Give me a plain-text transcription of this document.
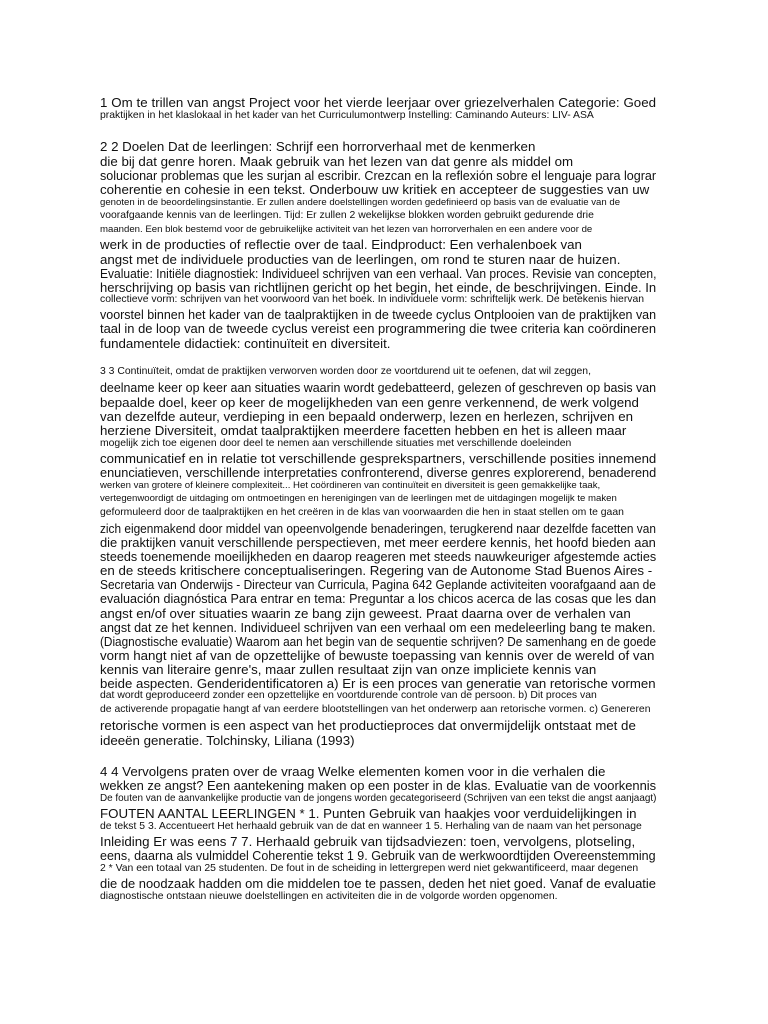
1 Om te trillen van angst Project voor het vierde leerjaar over griezelverhalen Categorie: Goed
praktijken in het klaslokaal in het kader van het Curriculumontwerp Instelling: Caminando Auteurs: LIV- ASA
2 2 Doelen Dat de leerlingen: Schrijf een horrorverhaal met de kenmerken
die bij dat genre horen. Maak gebruik van het lezen van dat genre als middel om
solucionar problemas que les surjan al escribir. Crezcan en la reflexión sobre el lenguaje para lograr
coherentie en cohesie in een tekst. Onderbouw uw kritiek en accepteer de suggesties van uw
genoten in de beoordelingsinstantie. Er zullen andere doelstellingen worden gedefinieerd op basis van de evaluatie van de
voorafgaande kennis van de leerlingen. Tijd: Er zullen 2 wekelijkse blokken worden gebruikt gedurende drie
maanden. Een blok bestemd voor de gebruikelijke activiteit van het lezen van horrorverhalen en een andere voor de
werk in de producties of reflectie over de taal. Eindproduct: Een verhalenboek van
angst met de individuele producties van de leerlingen, om rond te sturen naar de huizen.
Evaluatie: Initiële diagnostiek: Individueel schrijven van een verhaal. Van proces. Revisie van concepten,
herschrijving op basis van richtlijnen gericht op het begin, het einde, de beschrijvingen. Einde. In
collectieve vorm: schrijven van het voorwoord van het boek. In individuele vorm: schriftelijk werk. De betekenis hiervan
voorstel binnen het kader van de taalpraktijken in de tweede cyclus Ontplooien van de praktijken van
taal in de loop van de tweede cyclus vereist een programmering die twee criteria kan coördineren
fundamentele didactiek: continuïteit en diversiteit.
3 3 Continuïteit, omdat de praktijken verworven worden door ze voortdurend uit te oefenen, dat wil zeggen,
deelname keer op keer aan situaties waarin wordt gedebatteerd, gelezen of geschreven op basis van
bepaalde doel, keer op keer de mogelijkheden van een genre verkennend, de werk volgend
van dezelfde auteur, verdieping in een bepaald onderwerp, lezen en herlezen, schrijven en
herziene Diversiteit, omdat taalpraktijken meerdere facetten hebben en het is alleen maar
mogelijk zich toe eigenen door deel te nemen aan verschillende situaties met verschillende doeleinden
communicatief en in relatie tot verschillende gesprekspartners, verschillende posities innemend
enunciatieven, verschillende interpretaties confronterend, diverse genres explorerend, benaderend
werken van grotere of kleinere complexiteit... Het coördineren van continuïteit en diversiteit is geen gemakkelijke taak,
vertegenwoordigt de uitdaging om ontmoetingen en herenigingen van de leerlingen met de uitdagingen mogelijk te maken
geformuleerd door de taalpraktijken en het creëren in de klas van voorwaarden die hen in staat stellen om te gaan
zich eigenmakend door middel van opeenvolgende benaderingen, terugkerend naar dezelfde facetten van
die praktijken vanuit verschillende perspectieven, met meer eerdere kennis, het hoofd bieden aan
steeds toenemende moeilijkheden en daarop reageren met steeds nauwkeuriger afgestemde acties
en de steeds kritischere conceptualiseringen. Regering van de Autonome Stad Buenos Aires -
Secretaria van Onderwijs - Directeur van Curricula, Pagina 642 Geplande activiteiten voorafgaand aan de
evaluación diagnóstica Para entrar en tema: Preguntar a los chicos acerca de las cosas que les dan
angst en/of over situaties waarin ze bang zijn geweest. Praat daarna over de verhalen van
angst dat ze het kennen. Individueel schrijven van een verhaal om een medeleerling bang te maken.
(Diagnostische evaluatie) Waarom aan het begin van de sequentie schrijven? De samenhang en de goede
vorm hangt niet af van de opzettelijke of bewuste toepassing van kennis over de wereld of van
kennis van literaire genre's, maar zullen resultaat zijn van onze impliciete kennis van
beide aspecten. Genderidentificatoren a) Er is een proces van generatie van retorische vormen
dat wordt geproduceerd zonder een opzettelijke en voortdurende controle van de persoon. b) Dit proces van
de activerende propagatie hangt af van eerdere blootstellingen van het onderwerp aan retorische vormen. c) Genereren
retorische vormen is een aspect van het productieproces dat onvermijdelijk ontstaat met de
ideeën generatie. Tolchinsky, Liliana (1993)
4 4 Vervolgens praten over de vraag Welke elementen komen voor in die verhalen die
wekken ze angst? Een aantekening maken op een poster in de klas. Evaluatie van de voorkennis
De fouten van de aanvankelijke productie van de jongens worden gecategoriseerd (Schrijven van een tekst die angst aanjaagt)
FOUTEN AANTAL LEERLINGEN * 1. Punten Gebruik van haakjes voor verduidelijkingen in
de tekst 5 3. Accentueert Het herhaald gebruik van de dat en wanneer 1 5. Herhaling van de naam van het personage
Inleiding Er was eens 7 7. Herhaald gebruik van tijdsadviezen: toen, vervolgens, plotseling,
eens, daarna als vulmiddel Coherentie tekst 1 9. Gebruik van de werkwoordtijden Overeenstemming
2 * Van een totaal van 25 studenten. De fout in de scheiding in lettergrepen werd niet gekwantificeerd, maar degenen
die de noodzaak hadden om die middelen toe te passen, deden het niet goed. Vanaf de evaluatie
diagnostische ontstaan nieuwe doelstellingen en activiteiten die in de volgorde worden opgenomen.
